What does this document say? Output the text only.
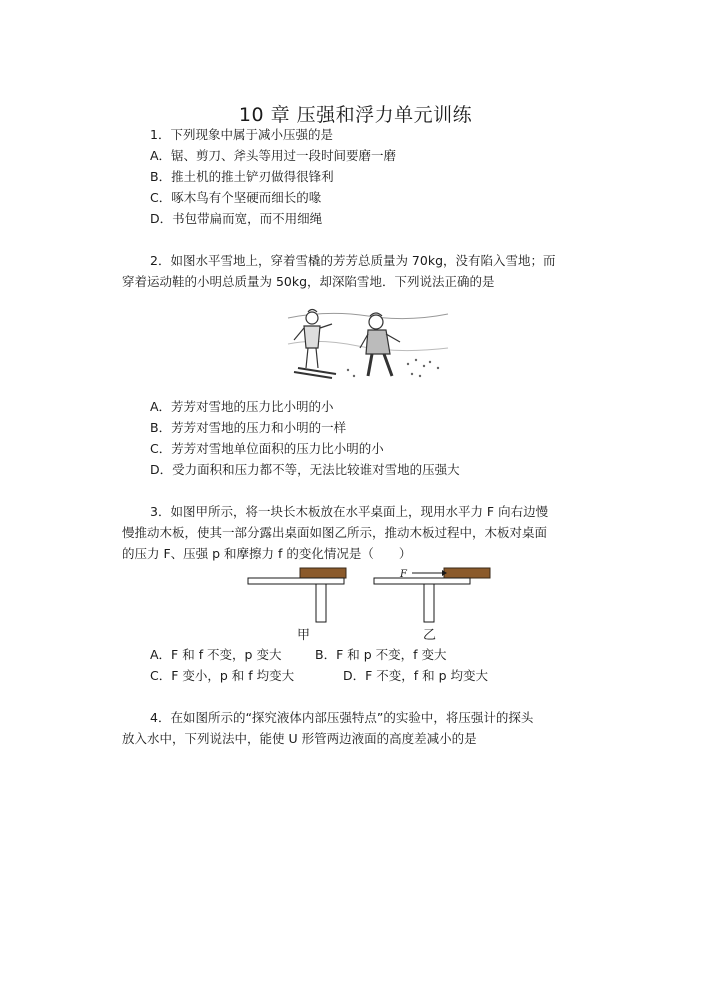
10 章 压强和浮力单元训练
1．下列现象中属于减小压强的是
A．锯、剪刀、斧头等用过一段时间要磨一磨
B．推土机的推土铲刃做得很锋利
C．啄木鸟有个坚硬而细长的喙
D．书包带扁而宽，而不用细绳
2．如图水平雪地上，穿着雪橇的芳芳总质量为 70kg，没有陷入雪地；而
穿着运动鞋的小明总质量为 50kg，却深陷雪地．下列说法正确的是
A．芳芳对雪地的压力比小明的小
B．芳芳对雪地的压力和小明的一样
C．芳芳对雪地单位面积的压力比小明的小
D．受力面积和压力都不等，无法比较谁对雪地的压强大
3．如图甲所示，将一块长木板放在水平桌面上，现用水平力 F 向右边慢
慢推动木板，使其一部分露出桌面如图乙所示，推动木板过程中，木板对桌面
的压力 F、压强 p 和摩擦力 f 的变化情况是（　　）
甲
F
乙
A．F 和 f 不变，p 变大	B．F 和 p 不变，f 变大
C．F 变小，p 和 f 均变大	D．F 不变，f 和 p 均变大
4．在如图所示的“探究液体内部压强特点”的实验中，将压强计的探头
放入水中，下列说法中，能使 U 形管两边液面的高度差减小的是
